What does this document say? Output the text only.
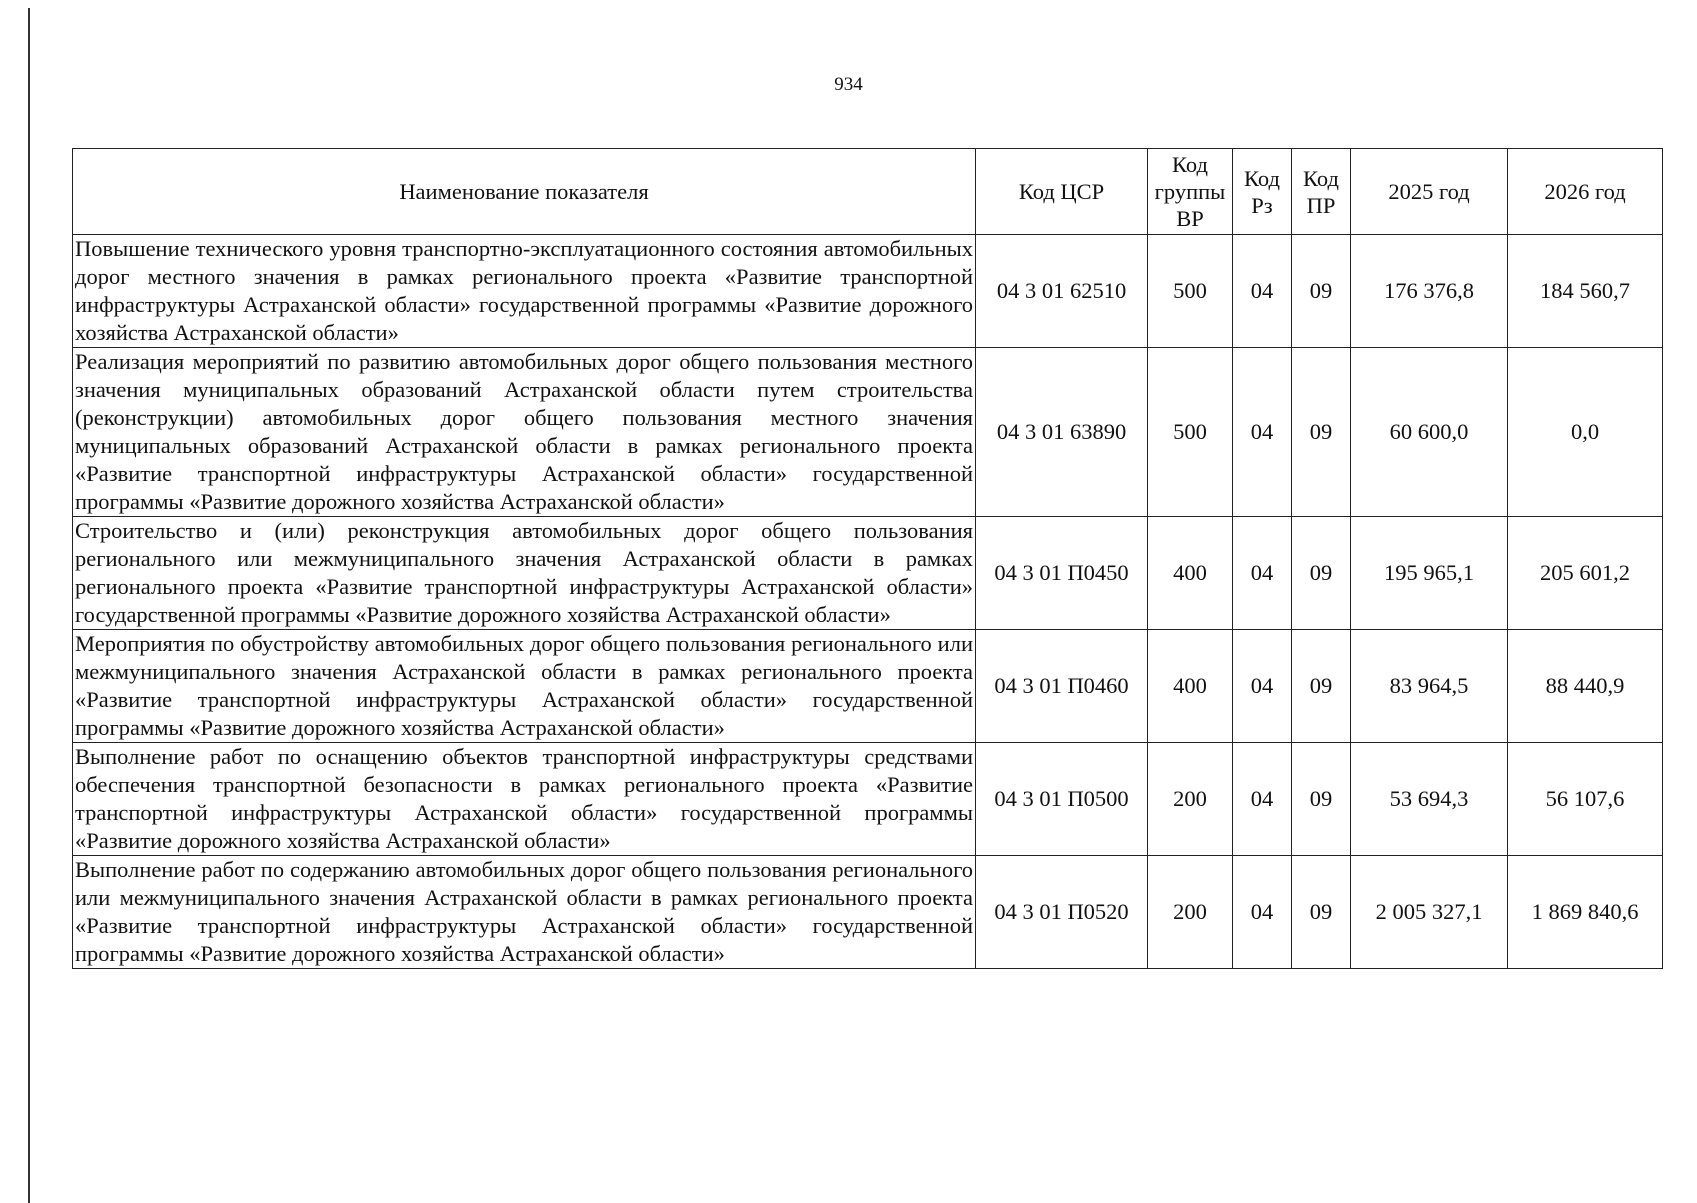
934
Наименование показателя	Код ЦСР	Код группы ВР	Код Рз	Код ПР	2025 год	2026 год
Повышение технического уровня транспортно-эксплуатационного состояния автомобильных дорог местного значения в рамках регионального проекта «Развитие транспортной инфраструктуры Астраханской области» государственной программы «Развитие дорожного хозяйства Астраханской области»	04 3 01 62510	500	04	09	176 376,8	184 560,7
Реализация мероприятий по развитию автомобильных дорог общего пользования местного значения муниципальных образований Астраханской области путем строительства (реконструкции) автомобильных дорог общего пользования местного значения муниципальных образований Астраханской области в рамках регионального проекта «Развитие транспортной инфраструктуры Астраханской области» государственной программы «Развитие дорожного хозяйства Астраханской области»	04 3 01 63890	500	04	09	60 600,0	0,0
Строительство и (или) реконструкция автомобильных дорог общего пользования регионального или межмуниципального значения Астраханской области в рамках регионального проекта «Развитие транспортной инфраструктуры Астраханской области» государственной программы «Развитие дорожного хозяйства Астраханской области»	04 3 01 П0450	400	04	09	195 965,1	205 601,2
Мероприятия по обустройству автомобильных дорог общего пользования регионального или межмуниципального значения Астраханской области в рамках регионального проекта «Развитие транспортной инфраструктуры Астраханской области» государственной программы «Развитие дорожного хозяйства Астраханской области»	04 3 01 П0460	400	04	09	83 964,5	88 440,9
Выполнение работ по оснащению объектов транспортной инфраструктуры средствами обеспечения транспортной безопасности в рамках регионального проекта «Развитие транспортной инфраструктуры Астраханской области» государственной программы «Развитие дорожного хозяйства Астраханской области»	04 3 01 П0500	200	04	09	53 694,3	56 107,6
Выполнение работ по содержанию автомобильных дорог общего пользования регионального или межмуниципального значения Астраханской области в рамках регионального проекта «Развитие транспортной инфраструктуры Астраханской области» государственной программы «Развитие дорожного хозяйства Астраханской области»	04 3 01 П0520	200	04	09	2 005 327,1	1 869 840,6
